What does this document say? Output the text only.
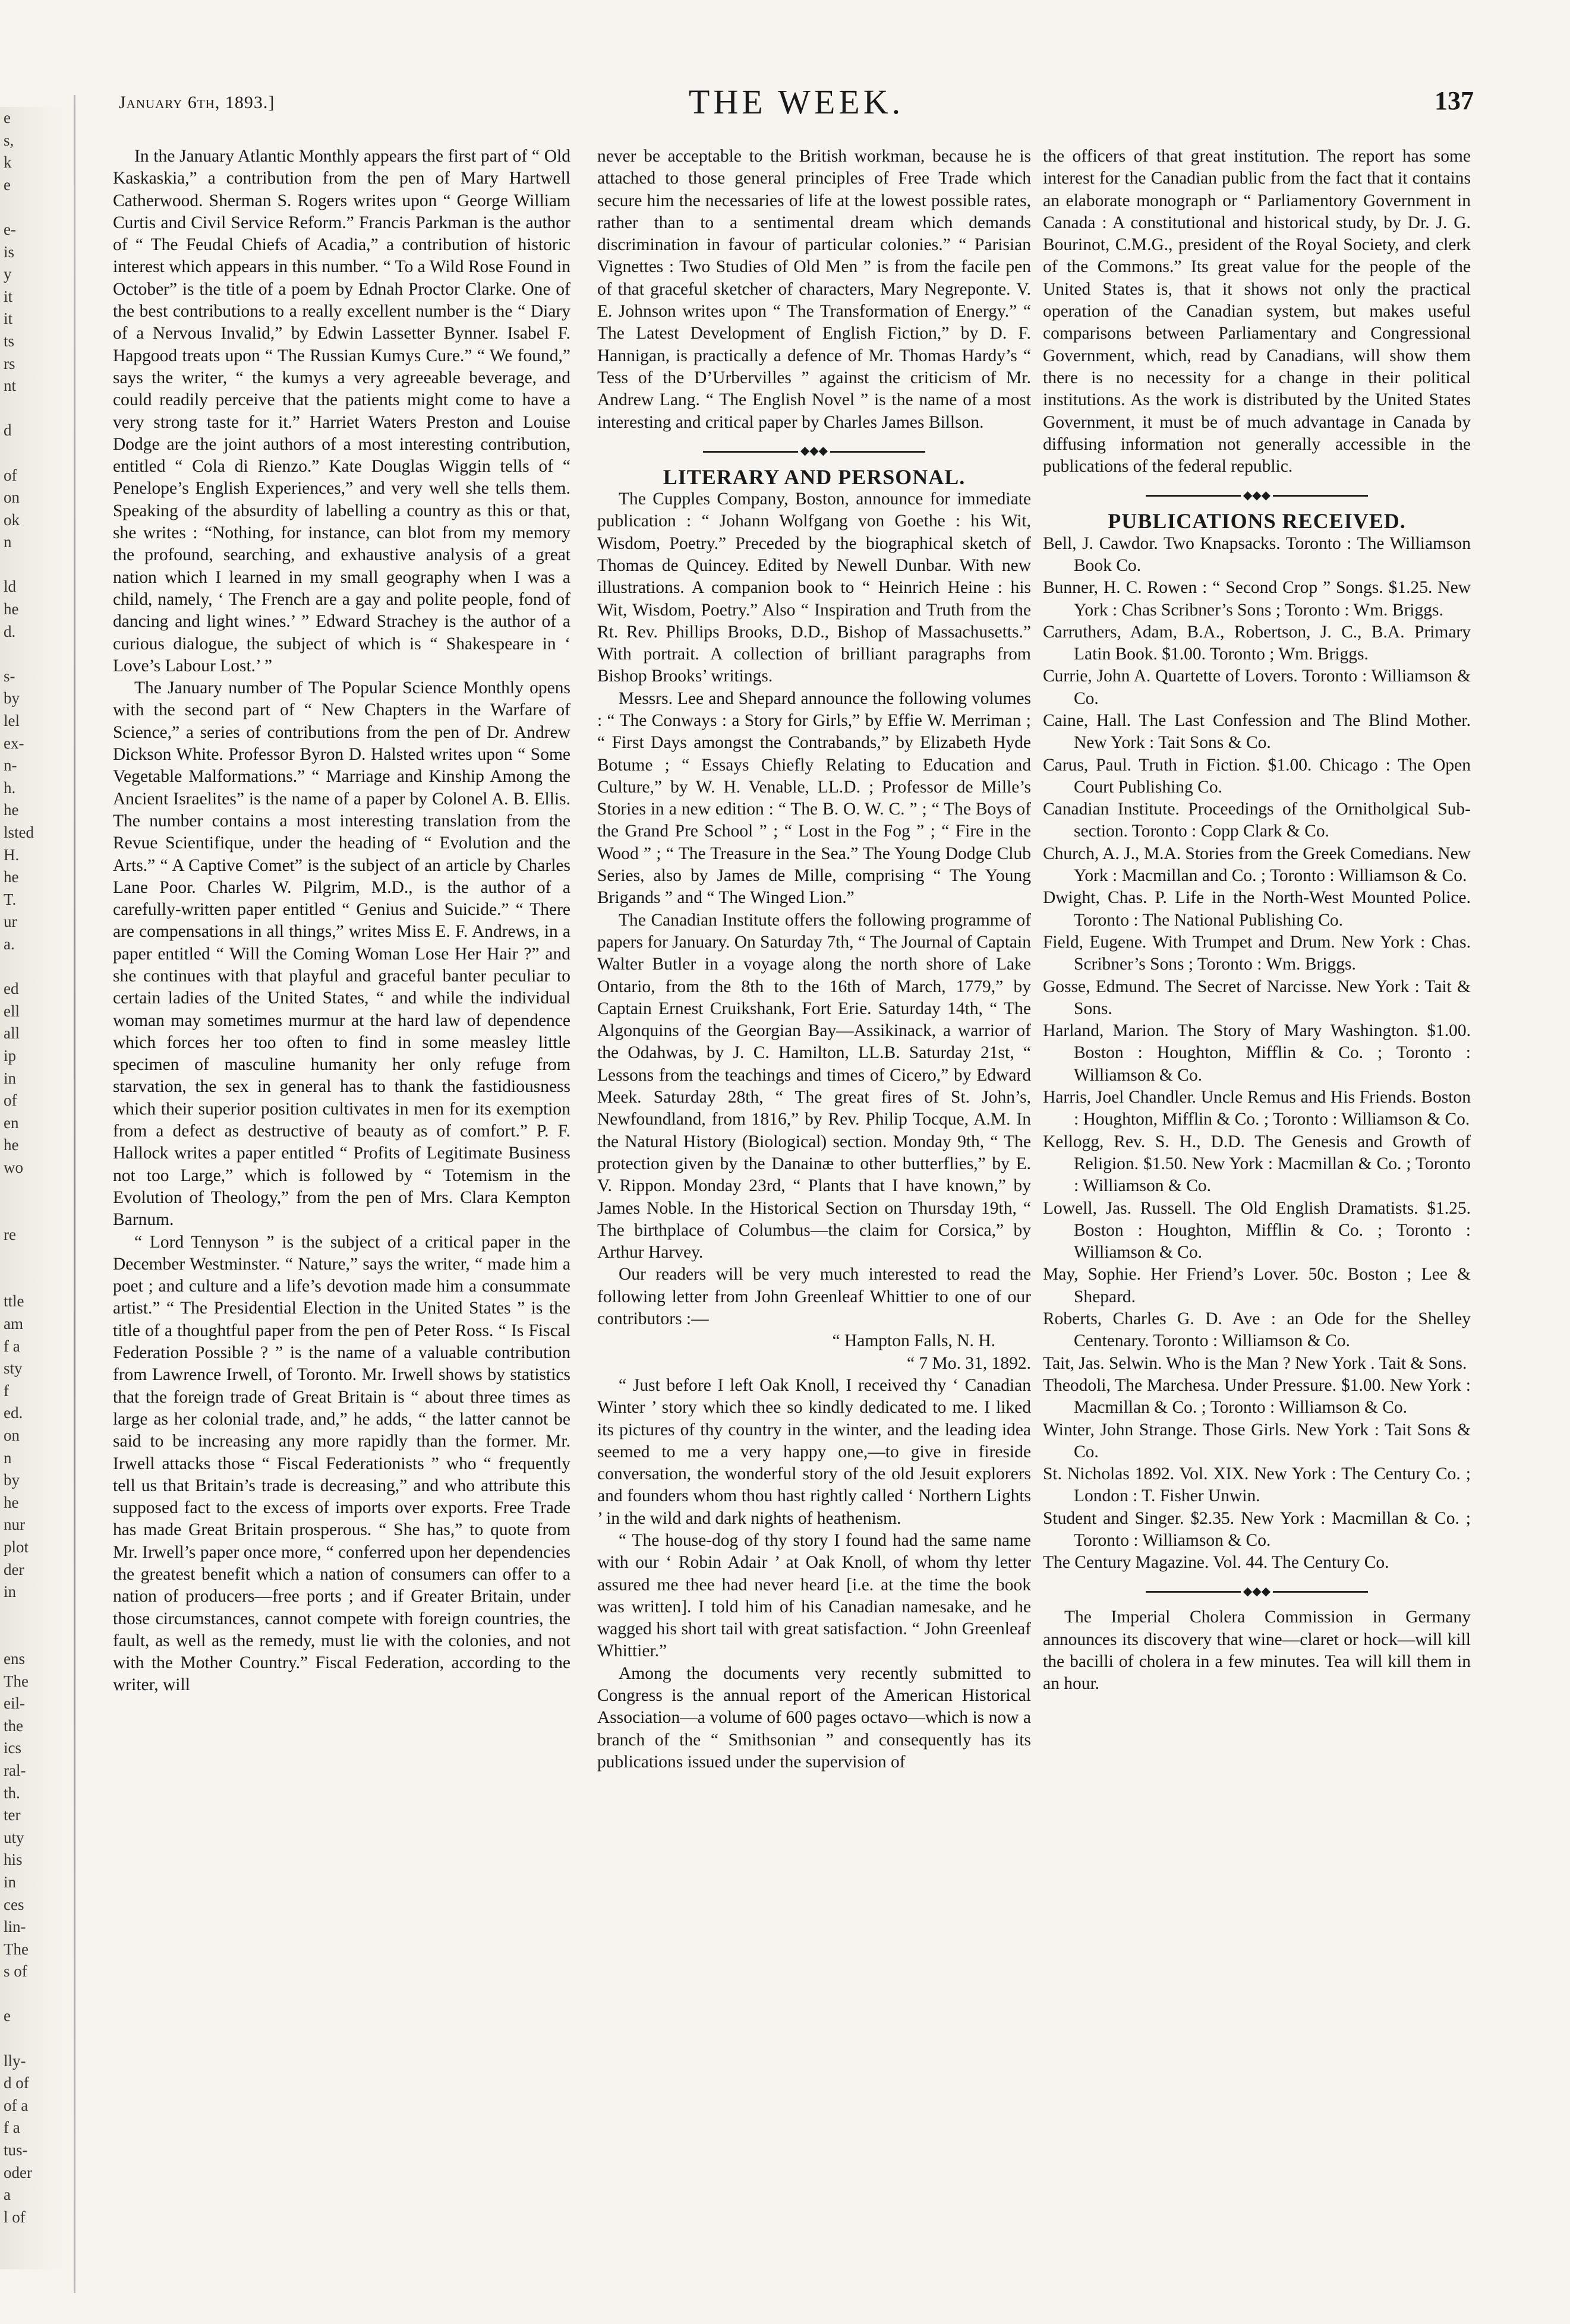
e
s,
k
e

e-
is
y
it
it
ts
rs
nt

d

of
on
ok
n

ld
he
d.

s-
by
lel
ex-
n-
h.
he
lsted
H.
he
T.
ur
a.

ed
ell
all
ip
in
of
en
he
wo

re

ttle
am
f a
sty
f
ed.
on
n
by
he
nur
plot
der
in

ens
The
eil-
the
ics
ral-
th.
ter
uty
his
in
ces
lin-
The
s of

e

lly-
d of
of a
f a
tus-
oder
a
l of
January 6th, 1893.]	THE WEEK.	137

In the January Atlantic Monthly appears the first part of “ Old Kaskaskia,” a contribution from the pen of Mary Hartwell Catherwood. Sherman S. Rogers writes upon “ George William Curtis and Civil Service Reform.” Francis Parkman is the author of “ The Feudal Chiefs of Acadia,” a contribution of historic interest which appears in this number. “ To a Wild Rose Found in October” is the title of a poem by Ednah Proctor Clarke. One of the best contributions to a really excellent number is the “ Diary of a Nervous Invalid,” by Edwin Lassetter Bynner. Isabel F. Hapgood treats upon “ The Russian Kumys Cure.” “ We found,” says the writer, “ the kumys a very agreeable beverage, and could readily perceive that the patients might come to have a very strong taste for it.” Harriet Waters Preston and Louise Dodge are the joint authors of a most interesting contribution, entitled “ Cola di Rienzo.” Kate Douglas Wiggin tells of “ Penelope’s English Experiences,” and very well she tells them. Speaking of the absurdity of labelling a country as this or that, she writes : “Nothing, for instance, can blot from my memory the profound, searching, and exhaustive analysis of a great nation which I learned in my small geography when I was a child, namely, ‘ The French are a gay and polite people, fond of dancing and light wines.’ ” Edward Strachey is the author of a curious dialogue, the subject of which is “ Shakespeare in ‘ Love’s Labour Lost.’ ”

The January number of The Popular Science Monthly opens with the second part of “ New Chapters in the Warfare of Science,” a series of contributions from the pen of Dr. Andrew Dickson White. Professor Byron D. Halsted writes upon “ Some Vegetable Malformations.” “ Marriage and Kinship Among the Ancient Israelites” is the name of a paper by Colonel A. B. Ellis. The number contains a most interesting translation from the Revue Scientifique, under the heading of “ Evolution and the Arts.” “ A Captive Comet” is the subject of an article by Charles Lane Poor. Charles W. Pilgrim, M.D., is the author of a carefully-written paper entitled “ Genius and Suicide.” “ There are compensations in all things,” writes Miss E. F. Andrews, in a paper entitled “ Will the Coming Woman Lose Her Hair ?” and she continues with that playful and graceful banter peculiar to certain ladies of the United States, “ and while the individual woman may sometimes murmur at the hard law of dependence which forces her too often to find in some measley little specimen of masculine humanity her only refuge from starvation, the sex in general has to thank the fastidiousness which their superior position cultivates in men for its exemption from a defect as destructive of beauty as of comfort.” P. F. Hallock writes a paper entitled “ Profits of Legitimate Business not too Large,” which is followed by “ Totemism in the Evolution of Theology,” from the pen of Mrs. Clara Kempton Barnum.

“ Lord Tennyson ” is the subject of a critical paper in the December Westminster. “ Nature,” says the writer, “ made him a poet ; and culture and a life’s devotion made him a consummate artist.” “ The Presidential Election in the United States ” is the title of a thoughtful paper from the pen of Peter Ross. “ Is Fiscal Federation Possible ? ” is the name of a valuable contribution from Lawrence Irwell, of Toronto. Mr. Irwell shows by statistics that the foreign trade of Great Britain is “ about three times as large as her colonial trade, and,” he adds, “ the latter cannot be said to be increasing any more rapidly than the former. Mr. Irwell attacks those “ Fiscal Federationists ” who “ frequently tell us that Britain’s trade is decreasing,” and who attribute this supposed fact to the excess of imports over exports. Free Trade has made Great Britain prosperous. “ She has,” to quote from Mr. Irwell’s paper once more, “ conferred upon her dependencies the greatest benefit which a nation of consumers can offer to a nation of producers—free ports ; and if Greater Britain, under those circumstances, cannot compete with foreign countries, the fault, as well as the remedy, must lie with the colonies, and not with the Mother Country.” Fiscal Federation, according to the writer, will

never be acceptable to the British workman, because he is attached to those general principles of Free Trade which secure him the necessaries of life at the lowest possible rates, rather than to a sentimental dream which demands discrimination in favour of particular colonies.” “ Parisian Vignettes : Two Studies of Old Men ” is from the facile pen of that graceful sketcher of characters, Mary Negreponte. V. E. Johnson writes upon “ The Transformation of Energy.” “ The Latest Development of English Fiction,” by D. F. Hannigan, is practically a defence of Mr. Thomas Hardy’s “ Tess of the D’Urbervilles ” against the criticism of Mr. Andrew Lang. “ The English Novel ” is the name of a most interesting and critical paper by Charles James Billson.

◆◆◆

LITERARY AND PERSONAL.

The Cupples Company, Boston, announce for immediate publication : “ Johann Wolfgang von Goethe : his Wit, Wisdom, Poetry.” Preceded by the biographical sketch of Thomas de Quincey. Edited by Newell Dunbar. With new illustrations. A companion book to “ Heinrich Heine : his Wit, Wisdom, Poetry.” Also “ Inspiration and Truth from the Rt. Rev. Phillips Brooks, D.D., Bishop of Massachusetts.” With portrait. A collection of brilliant paragraphs from Bishop Brooks’ writings.

Messrs. Lee and Shepard announce the following volumes : “ The Conways : a Story for Girls,” by Effie W. Merriman ; “ First Days amongst the Contrabands,” by Elizabeth Hyde Botume ; “ Essays Chiefly Relating to Education and Culture,” by W. H. Venable, LL.D. ; Professor de Mille’s Stories in a new edition : “ The B. O. W. C. ” ; “ The Boys of the Grand Pre School ” ; “ Lost in the Fog ” ; “ Fire in the Wood ” ; “ The Treasure in the Sea.” The Young Dodge Club Series, also by James de Mille, comprising “ The Young Brigands ” and “ The Winged Lion.”

The Canadian Institute offers the following programme of papers for January. On Saturday 7th, “ The Journal of Captain Walter Butler in a voyage along the north shore of Lake Ontario, from the 8th to the 16th of March, 1779,” by Captain Ernest Cruikshank, Fort Erie. Saturday 14th, “ The Algonquins of the Georgian Bay—Assikinack, a warrior of the Odahwas, by J. C. Hamilton, LL.B. Saturday 21st, “ Lessons from the teachings and times of Cicero,” by Edward Meek. Saturday 28th, “ The great fires of St. John’s, Newfoundland, from 1816,” by Rev. Philip Tocque, A.M. In the Natural History (Biological) section. Monday 9th, “ The protection given by the Danainæ to other butterflies,” by E. V. Rippon. Monday 23rd, “ Plants that I have known,” by James Noble. In the Historical Section on Thursday 19th, “ The birthplace of Columbus—the claim for Corsica,” by Arthur Harvey.

Our readers will be very much interested to read the following letter from John Greenleaf Whittier to one of our contributors :—

“ Hampton Falls, N. H.

“ 7 Mo. 31, 1892.

“ Just before I left Oak Knoll, I received thy ‘ Canadian Winter ’ story which thee so kindly dedicated to me. I liked its pictures of thy country in the winter, and the leading idea seemed to me a very happy one,—to give in fireside conversation, the wonderful story of the old Jesuit explorers and founders whom thou hast rightly called ‘ Northern Lights ’ in the wild and dark nights of heathenism.

“ The house-dog of thy story I found had the same name with our ‘ Robin Adair ’ at Oak Knoll, of whom thy letter assured me thee had never heard [i.e. at the time the book was written]. I told him of his Canadian namesake, and he wagged his short tail with great satisfaction. “ John Greenleaf Whittier.”

Among the documents very recently submitted to Congress is the annual report of the American Historical Association—a volume of 600 pages octavo—which is now a branch of the “ Smithsonian ” and consequently has its publications issued under the supervision of

the officers of that great institution. The report has some interest for the Canadian public from the fact that it contains an elaborate monograph or “ Parliamentory Government in Canada : A constitutional and historical study, by Dr. J. G. Bourinot, C.M.G., president of the Royal Society, and clerk of the Commons.” Its great value for the people of the United States is, that it shows not only the practical operation of the Canadian system, but makes useful comparisons between Parliamentary and Congressional Government, which, read by Canadians, will show them there is no necessity for a change in their political institutions. As the work is distributed by the United States Government, it must be of much advantage in Canada by diffusing information not generally accessible in the publications of the federal republic.

◆◆◆

PUBLICATIONS RECEIVED.

Bell, J. Cawdor. Two Knapsacks. Toronto : The Williamson Book Co.
Bunner, H. C. Rowen : “ Second Crop ” Songs. $1.25. New York : Chas Scribner’s Sons ; Toronto : Wm. Briggs.
Carruthers, Adam, B.A., Robertson, J. C., B.A. Primary Latin Book. $1.00. Toronto ; Wm. Briggs.
Currie, John A. Quartette of Lovers. Toronto : Williamson & Co.
Caine, Hall. The Last Confession and The Blind Mother. New York : Tait Sons & Co.
Carus, Paul. Truth in Fiction. $1.00. Chicago : The Open Court Publishing Co.
Canadian Institute. Proceedings of the Ornitholgical Sub-section. Toronto : Copp Clark & Co.
Church, A. J., M.A. Stories from the Greek Comedians. New York : Macmillan and Co. ; Toronto : Williamson & Co.
Dwight, Chas. P. Life in the North-West Mounted Police. Toronto : The National Publishing Co.
Field, Eugene. With Trumpet and Drum. New York : Chas. Scribner’s Sons ; Toronto : Wm. Briggs.
Gosse, Edmund. The Secret of Narcisse. New York : Tait & Sons.
Harland, Marion. The Story of Mary Washington. $1.00. Boston : Houghton, Mifflin & Co. ; Toronto : Williamson & Co.
Harris, Joel Chandler. Uncle Remus and His Friends. Boston : Houghton, Mifflin & Co. ; Toronto : Williamson & Co.
Kellogg, Rev. S. H., D.D. The Genesis and Growth of Religion. $1.50. New York : Macmillan & Co. ; Toronto : Williamson & Co.
Lowell, Jas. Russell. The Old English Dramatists. $1.25. Boston : Houghton, Mifflin & Co. ; Toronto : Williamson & Co.
May, Sophie. Her Friend’s Lover. 50c. Boston ; Lee & Shepard.
Roberts, Charles G. D. Ave : an Ode for the Shelley Centenary. Toronto : Williamson & Co.
Tait, Jas. Selwin. Who is the Man ? New York . Tait & Sons.
Theodoli, The Marchesa. Under Pressure. $1.00. New York : Macmillan & Co. ; Toronto : Williamson & Co.
Winter, John Strange. Those Girls. New York : Tait Sons & Co.
St. Nicholas 1892. Vol. XIX. New York : The Century Co. ; London : T. Fisher Unwin.
Student and Singer. $2.35. New York : Macmillan & Co. ; Toronto : Williamson & Co.
The Century Magazine. Vol. 44. The Century Co.
◆◆◆

The Imperial Cholera Commission in Germany announces its discovery that wine—claret or hock—will kill the bacilli of cholera in a few minutes. Tea will kill them in an hour.
